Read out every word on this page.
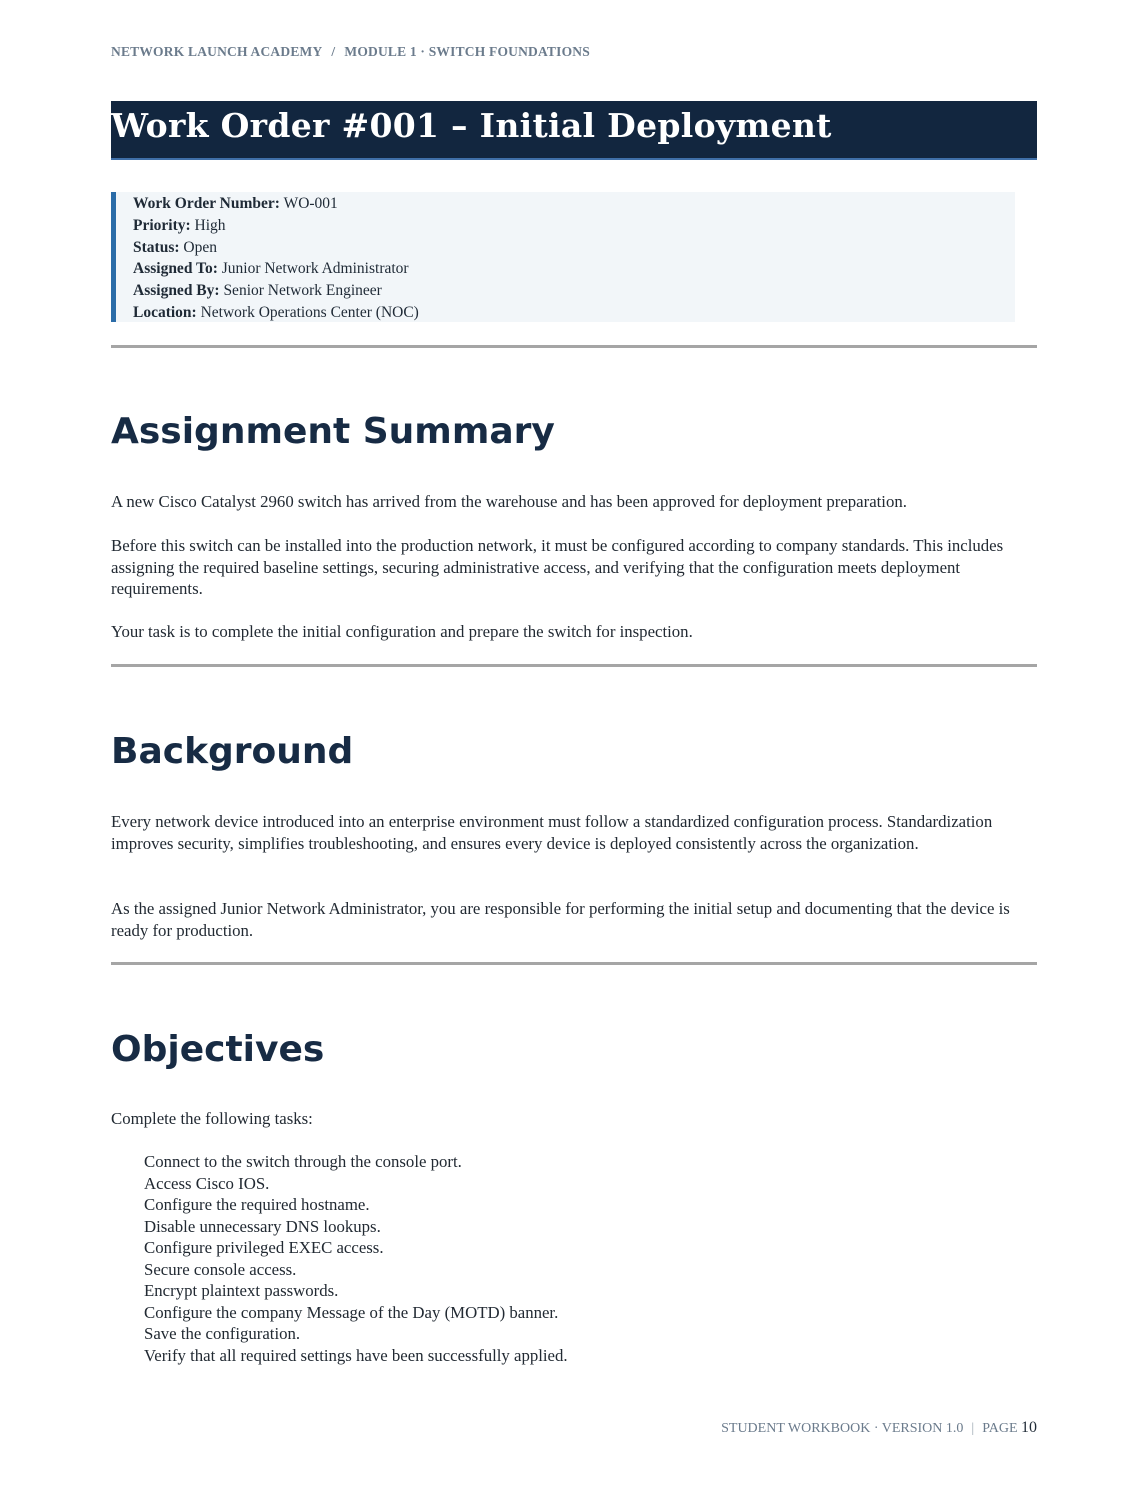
NETWORK LAUNCH ACADEMY / MODULE 1 · SWITCH FOUNDATIONS
Work Order #001 – Initial Deployment
Work Order Number: WO-001
Priority: High
Status: Open
Assigned To: Junior Network Administrator
Assigned By: Senior Network Engineer
Location: Network Operations Center (NOC)
Assignment Summary

A new Cisco Catalyst 2960 switch has arrived from the warehouse and has been approved for deployment preparation.

Before this switch can be installed into the production network, it must be configured according to company standards. This includes assigning the required baseline settings, securing administrative access, and verifying that the configuration meets deployment requirements.

Your task is to complete the initial configuration and prepare the switch for inspection.

Background

Every network device introduced into an enterprise environment must follow a standardized configuration process. Standardization improves security, simplifies troubleshooting, and ensures every device is deployed consistently across the organization.

As the assigned Junior Network Administrator, you are responsible for performing the initial setup and documenting that the device is ready for production.

Objectives

Complete the following tasks:

Connect to the switch through the console port.
Access Cisco IOS.
Configure the required hostname.
Disable unnecessary DNS lookups.
Configure privileged EXEC access.
Secure console access.
Encrypt plaintext passwords.
Configure the company Message of the Day (MOTD) banner.
Save the configuration.
Verify that all required settings have been successfully applied.
STUDENT WORKBOOK · VERSION 1.0 | PAGE 10
